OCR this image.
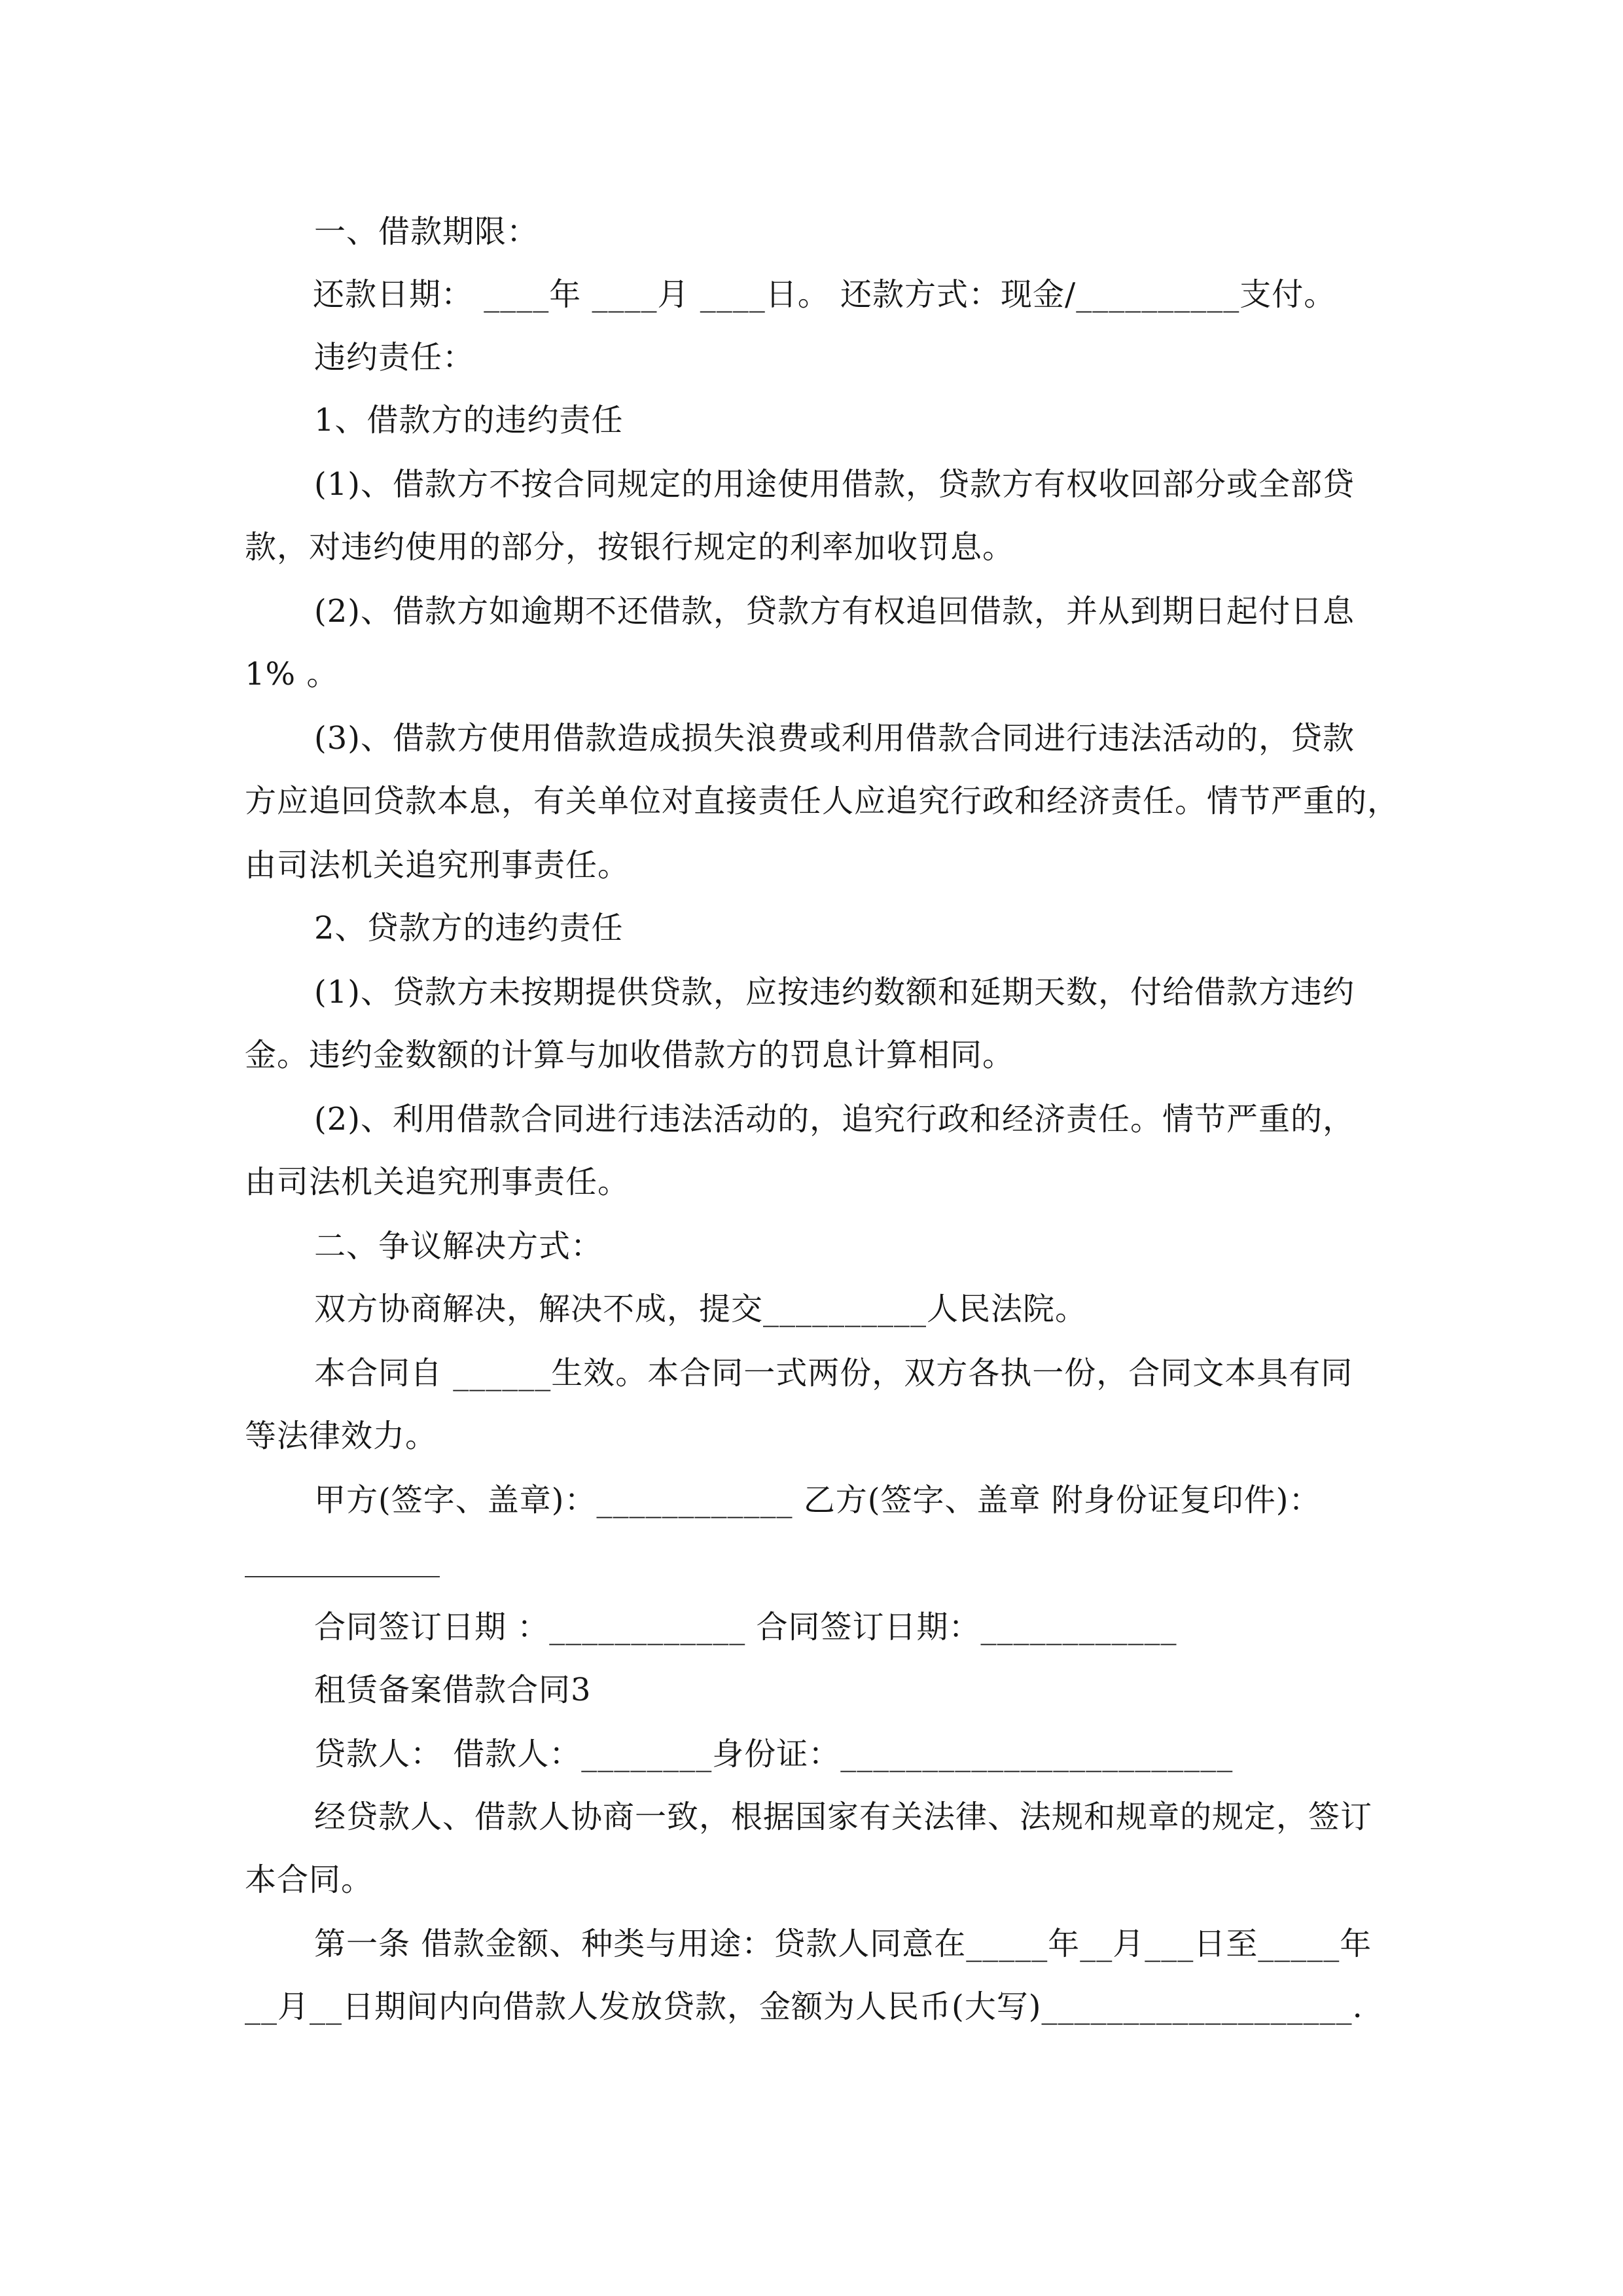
一、借款期限：

还款日期： ____年 ____月 ____日。 还款方式：现金/__________支付。

违约责任：

1、借款方的违约责任

(1)、借款方不按合同规定的用途使用借款，贷款方有权收回部分或全部贷

款，对违约使用的部分，按银行规定的利率加收罚息。

(2)、借款方如逾期不还借款，贷款方有权追回借款，并从到期日起付日息

1% 。

(3)、借款方使用借款造成损失浪费或利用借款合同进行违法活动的，贷款

方应追回贷款本息，有关单位对直接责任人应追究行政和经济责任。情节严重的，

由司法机关追究刑事责任。

2、贷款方的违约责任

(1)、贷款方未按期提供贷款，应按违约数额和延期天数，付给借款方违约

金。违约金数额的计算与加收借款方的罚息计算相同。

(2)、利用借款合同进行违法活动的，追究行政和经济责任。情节严重的，

由司法机关追究刑事责任。

二、争议解决方式：

双方协商解决，解决不成，提交__________人民法院。

本合同自 ______生效。本合同一式两份，双方各执一份，合同文本具有同

等法律效力。

甲方(签字、盖章)：____________ 乙方(签字、盖章 附身份证复印件)：

合同签订日期 ：____________ 合同签订日期：____________

租赁备案借款合同3

贷款人： 借款人：________身份证：________________________

经贷款人、借款人协商一致，根据国家有关法律、法规和规章的规定，签订

本合同。

第一条 借款金额、种类与用途：贷款人同意在_____年__月___日至_____年

__月__日期间内向借款人发放贷款，金额为人民币(大写)___________________.
